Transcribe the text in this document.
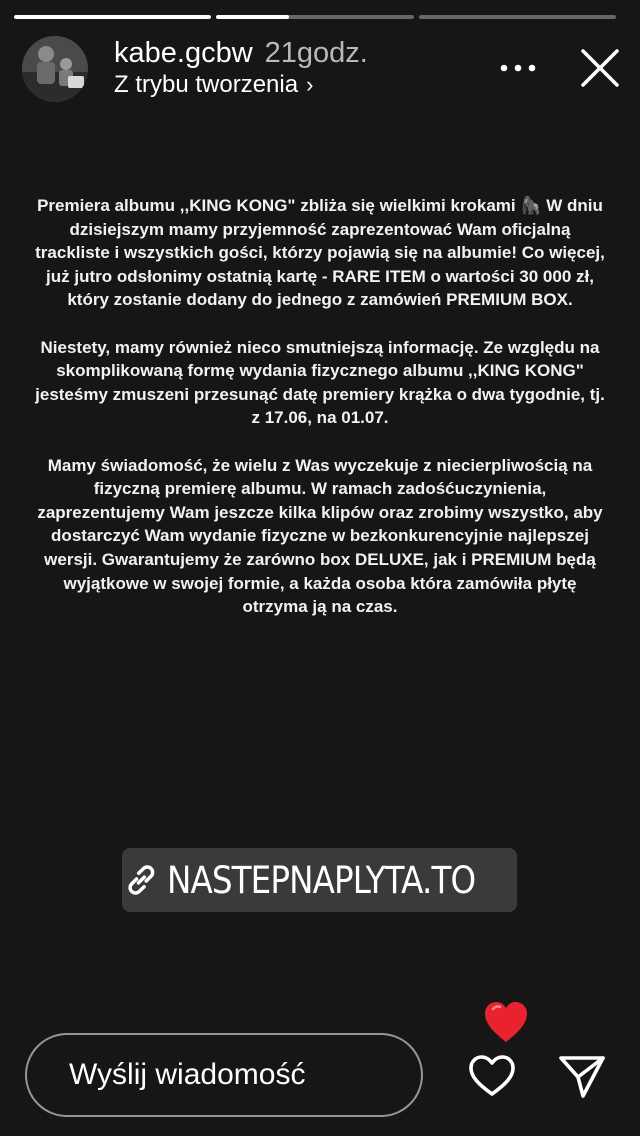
kabe.gcbw 21godz.
Z trybu tworzenia ›

Premiera albumu ,,KING KONG" zbliża się wielkimi krokami 🦍 W dniu dzisiejszym mamy przyjemność zaprezentować Wam oficjalną trackliste i wszystkich gości, którzy pojawią się na albumie! Co więcej, już jutro odsłonimy ostatnią kartę - RARE ITEM o wartości 30 000 zł, który zostanie dodany do jednego z zamówień PREMIUM BOX.

Niestety, mamy również nieco smutniejszą informację. Ze względu na skomplikowaną formę wydania fizycznego albumu ,,KING KONG" jesteśmy zmuszeni przesunąć datę premiery krążka o dwa tygodnie, tj. z 17.06, na 01.07.

Mamy świadomość, że wielu z Was wyczekuje z niecierpliwością na fizyczną premierę albumu. W ramach zadośćuczynienia, zaprezentujemy Wam jeszcze kilka klipów oraz zrobimy wszystko, aby dostarczyć Wam wydanie fizyczne w bezkonkurencyjnie najlepszej wersji. Gwarantujemy że zarówno box DELUXE, jak i PREMIUM będą wyjątkowe w swojej formie, a każda osoba która zamówiła płytę otrzyma ją na czas.

NASTEPNAPLYTA.TO
Wyślij wiadomość
